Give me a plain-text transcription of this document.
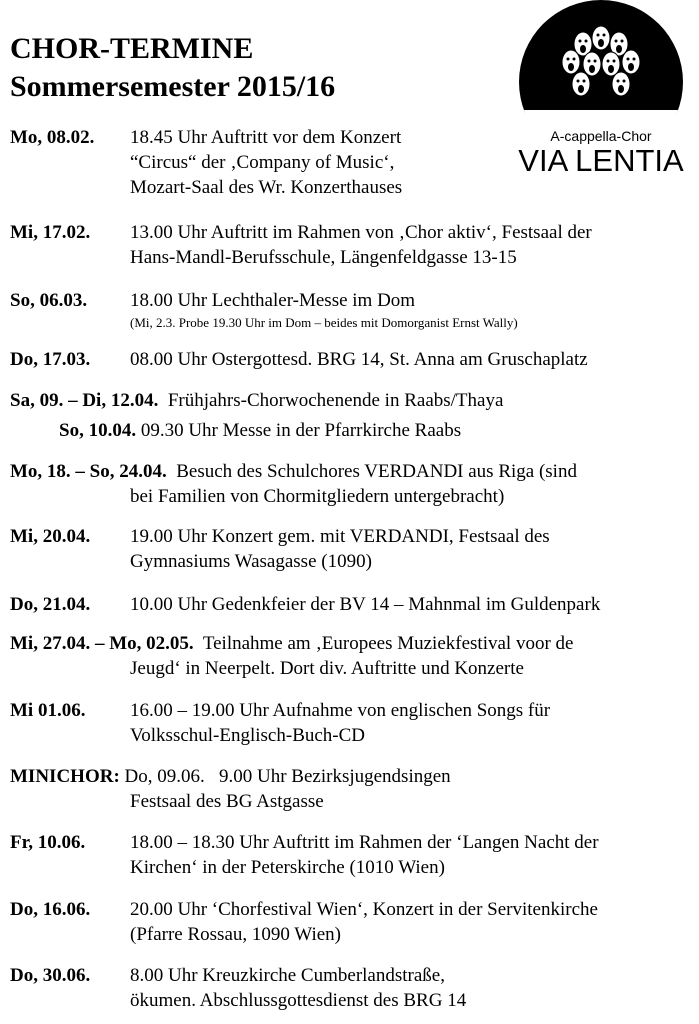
CHOR-TERMINE
Sommersemester 2015/16
A-cappella-Chor
VIA LENTIA
Mo, 08.02. 18.45 Uhr Auftritt vor dem Konzert
“Circus“ der ‚Company of Music‘,
Mozart-Saal des Wr. Konzerthauses
Mi, 17.02. 13.00 Uhr Auftritt im Rahmen von ‚Chor aktiv‘, Festsaal der
Hans-Mandl-Berufsschule, Längenfeldgasse 13-15
So, 06.03. 18.00 Uhr Lechthaler-Messe im Dom
(Mi, 2.3. Probe 19.30 Uhr im Dom – beides mit Domorganist Ernst Wally)
Do, 17.03. 08.00 Uhr Ostergottesd. BRG 14, St. Anna am Gruschaplatz
Sa, 09. – Di, 12.04. Frühjahrs-Chorwochenende in Raabs/Thaya
So, 10.04. 09.30 Uhr Messe in der Pfarrkirche Raabs
Mo, 18. – So, 24.04. Besuch des Schulchores VERDANDI aus Riga (sind
bei Familien von Chormitgliedern untergebracht)
Mi, 20.04. 19.00 Uhr Konzert gem. mit VERDANDI, Festsaal des
Gymnasiums Wasagasse (1090)
Do, 21.04. 10.00 Uhr Gedenkfeier der BV 14 – Mahnmal im Guldenpark
Mi, 27.04. – Mo, 02.05. Teilnahme am ‚Europees Muziekfestival voor de
Jeugd‘ in Neerpelt. Dort div. Auftritte und Konzerte
Mi 01.06. 16.00 – 19.00 Uhr Aufnahme von englischen Songs für
Volksschul-Englisch-Buch-CD
MINICHOR: Do, 09.06.   9.00 Uhr Bezirksjugendsingen
Festsaal des BG Astgasse
Fr, 10.06. 18.00 – 18.30 Uhr Auftritt im Rahmen der ‘Langen Nacht der
Kirchen‘ in der Peterskirche (1010 Wien)
Do, 16.06. 20.00 Uhr ‘Chorfestival Wien‘, Konzert in der Servitenkirche
(Pfarre Rossau, 1090 Wien)
Do, 30.06. 8.00 Uhr Kreuzkirche Cumberlandstraße,
ökumen. Abschlussgottesdienst des BRG 14
